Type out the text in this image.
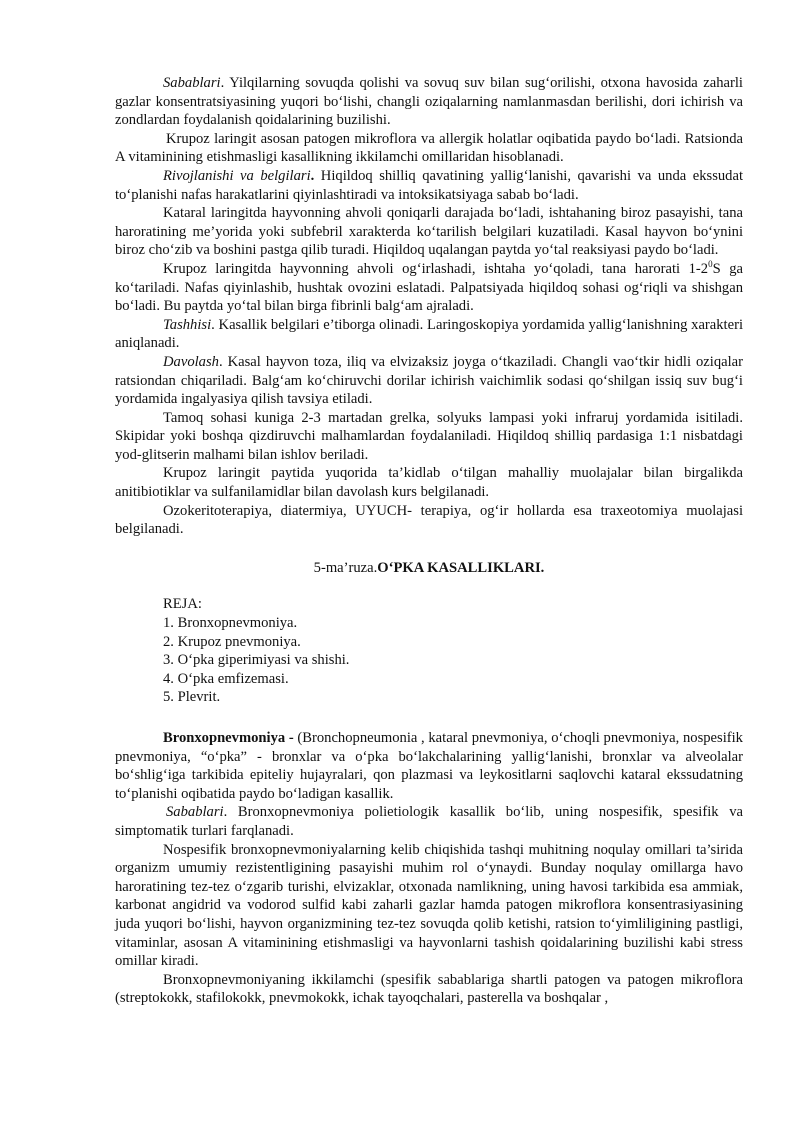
Sabablari. Yilqilarning sovuqda qolishi va sovuq suv bilan sug‘orilishi, otxona havosida zaharli gazlar konsentratsiyasining yuqori bo‘lishi, changli oziqalarning namlanmasdan berilishi, dori ichirish va zondlardan foydalanish qoidalarining buzilishi.

Krupoz laringit asosan patogen mikroflora va allergik holatlar oqibatida paydo bo‘ladi. Ratsionda A vitaminining etishmasligi kasallikning ikkilamchi omillaridan hisoblanadi.

Rivojlanishi va belgilari. Hiqildoq shilliq qavatining yallig‘lanishi, qavarishi va unda ekssudat to‘planishi nafas harakatlarini qiyinlashtiradi va intoksikatsiyaga sabab bo‘ladi.

Kataral laringitda hayvonning ahvoli qoniqarli darajada bo‘ladi, ishtahaning biroz pasayishi, tana haroratining me’yorida yoki subfebril xarakterda ko‘tarilish belgilari kuzatiladi. Kasal hayvon bo‘ynini biroz cho‘zib va boshini pastga qilib turadi. Hiqildoq uqalangan paytda yo‘tal reaksiyasi paydo bo‘ladi.

Krupoz laringitda hayvonning ahvoli og‘irlashadi, ishtaha yo‘qoladi, tana harorati $1-2^0S$ ga ko‘tariladi. Nafas qiyinlashib, hushtak ovozini eslatadi. Palpatsiyada hiqildoq sohasi og‘riqli va shishgan bo‘ladi. Bu paytda yo‘tal bilan birga fibrinli balg‘am ajraladi.

Tashhisi. Kasallik belgilari e’tiborga olinadi. Laringoskopiya yordamida yallig‘lanishning xarakteri aniqlanadi.

Davolash. Kasal hayvon toza, iliq va elvizaksiz joyga o‘tkaziladi. Changli vao‘tkir hidli oziqalar ratsiondan chiqariladi. Balg‘am ko‘chiruvchi dorilar ichirish vaichimlik sodasi qo‘shilgan issiq suv bug‘i yordamida ingalyasiya qilish tavsiya etiladi.

Tamoq sohasi kuniga 2-3 martadan grelka, solyuks lampasi yoki infraruj yordamida isitiladi. Skipidar yoki boshqa qizdiruvchi malhamlardan foydalaniladi. Hiqildoq shilliq pardasiga 1:1 nisbatdagi yod-glitserin malhami bilan ishlov beriladi.

Krupoz laringit paytida yuqorida ta’kidlab o‘tilgan mahalliy muolajalar bilan birgalikda anitibiotiklar va sulfanilamidlar bilan davolash kurs belgilanadi.

Ozokeritoterapiya, diatermiya, UYUCH- terapiya, og‘ir hollarda esa traxeotomiya muolajasi belgilanadi.

5-ma’ruza.O‘PKA KASALLIKLARI.
REJA:
1. Bronxopnevmoniya.
2. Krupoz pnevmoniya.
3. O‘pka giperimiyasi va shishi.
4. O‘pka emfizemasi.
5. Plevrit.

Bronxopnevmoniya - (Bronchopneumonia , kataral pnevmoniya, o‘choqli pnevmoniya, nospesifik pnevmoniya, “o‘pka” - bronxlar va o‘pka bo‘lakchalarining yallig‘lanishi, bronxlar va alveolalar bo‘shlig‘iga tarkibida epiteliy hujayralari, qon plazmasi va leykositlarni saqlovchi kataral ekssudatning to‘planishi oqibatida paydo bo‘ladigan kasallik.

Sabablari. Bronxopnevmoniya polietiologik kasallik bo‘lib, uning nospesifik, spesifik va simptomatik turlari farqlanadi.

Nospesifik bronxopnevmoniyalarning kelib chiqishida tashqi muhitning noqulay omillari ta’sirida organizm umumiy rezistentligining pasayishi muhim rol o‘ynaydi. Bunday noqulay omillarga havo haroratining tez-tez o‘zgarib turishi, elvizaklar, otxonada namlikning, uning havosi tarkibida esa ammiak, karbonat angidrid va vodorod sulfid kabi zaharli gazlar hamda patogen mikroflora konsentrasiyasining juda yuqori bo‘lishi, hayvon organizmining tez-tez sovuqda qolib ketishi, ratsion to‘yimliligining pastligi, vitaminlar, asosan A vitaminining etishmasligi va hayvonlarni tashish qoidalarining buzilishi kabi stress omillar kiradi.

Bronxopnevmoniyaning ikkilamchi (spesifik sabablariga shartli patogen va patogen mikroflora (streptokokk, stafilokokk, pnevmokokk, ichak tayoqchalari, pasterella va boshqalar ,
